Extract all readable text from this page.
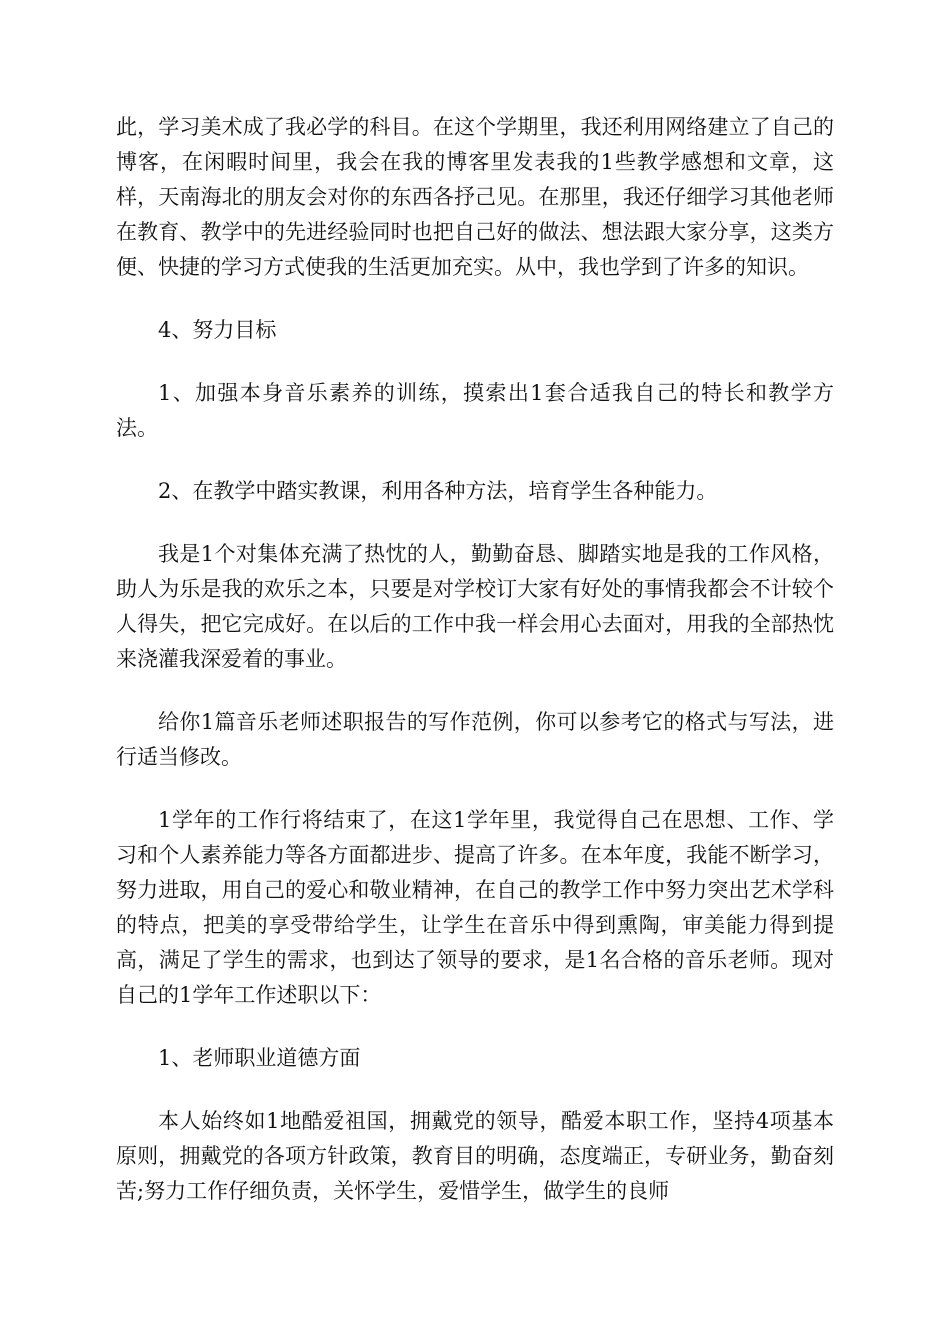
此，学习美术成了我必学的科目。在这个学期里，我还利用网络建立了自己的博客，在闲暇时间里，我会在我的博客里发表我的1些教学感想和文章，这样，天南海北的朋友会对你的东西各抒己见。在那里，我还仔细学习其他老师在教育、教学中的先进经验同时也把自己好的做法、想法跟大家分享，这类方便、快捷的学习方式使我的生活更加充实。从中，我也学到了许多的知识。

4、努力目标

1、加强本身音乐素养的训练，摸索出1套合适我自己的特长和教学方法。

2、在教学中踏实教课，利用各种方法，培育学生各种能力。

我是1个对集体充满了热忱的人，勤勤奋恳、脚踏实地是我的工作风格，助人为乐是我的欢乐之本，只要是对学校订大家有好处的事情我都会不计较个人得失，把它完成好。在以后的工作中我一样会用心去面对，用我的全部热忱来浇灌我深爱着的事业。

给你1篇音乐老师述职报告的写作范例，你可以参考它的格式与写法，进行适当修改。

1学年的工作行将结束了，在这1学年里，我觉得自己在思想、工作、学习和个人素养能力等各方面都进步、提高了许多。在本年度，我能不断学习，努力进取，用自己的爱心和敬业精神，在自己的教学工作中努力突出艺术学科的特点，把美的享受带给学生，让学生在音乐中得到熏陶，审美能力得到提高，满足了学生的需求，也到达了领导的要求，是1名合格的音乐老师。现对自己的1学年工作述职以下：

1、老师职业道德方面

本人始终如1地酷爱祖国，拥戴党的领导，酷爱本职工作，坚持4项基本原则，拥戴党的各项方针政策，教育目的明确，态度端正，专研业务，勤奋刻苦;努力工作仔细负责，关怀学生，爱惜学生，做学生的良师
